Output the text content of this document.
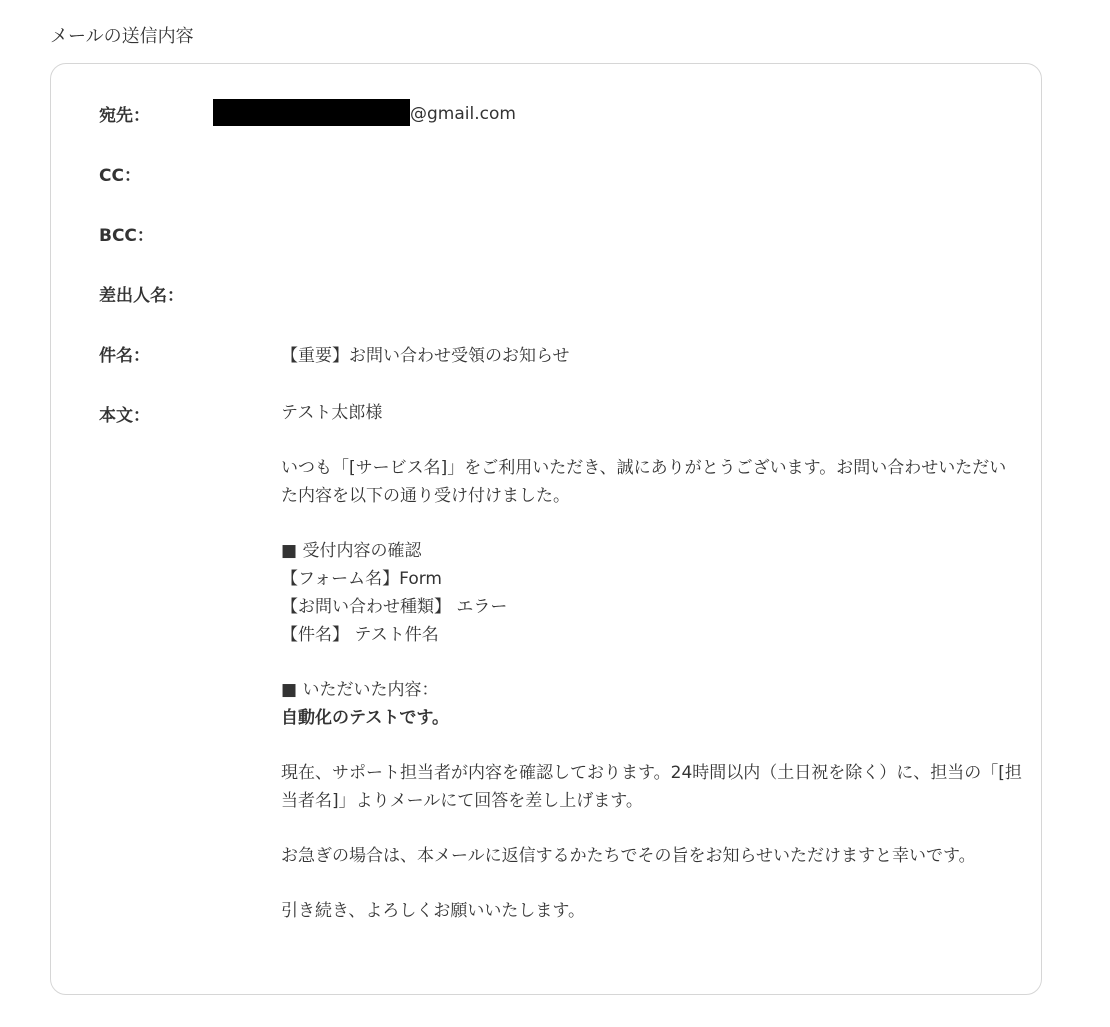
メールの送信内容
宛先：	@gmail.com
CC：
BCC：
差出人名：
件名：	【重要】お問い合わせ受領のお知らせ
本文：	テスト太郎様

いつも「[サービス名]」をご利用いただき、誠にありがとうございます。お問い合わせいただい

た内容を以下の通り受け付けました。

■ 受付内容の確認

【フォーム名】Form

【お問い合わせ種類】 エラー

【件名】 テスト件名

■ いただいた内容：

自動化のテストです。

現在、サポート担当者が内容を確認しております。24時間以内（土日祝を除く）に、担当の「[担

当者名]」よりメールにて回答を差し上げます。

お急ぎの場合は、本メールに返信するかたちでその旨をお知らせいただけますと幸いです。

引き続き、よろしくお願いいたします。
